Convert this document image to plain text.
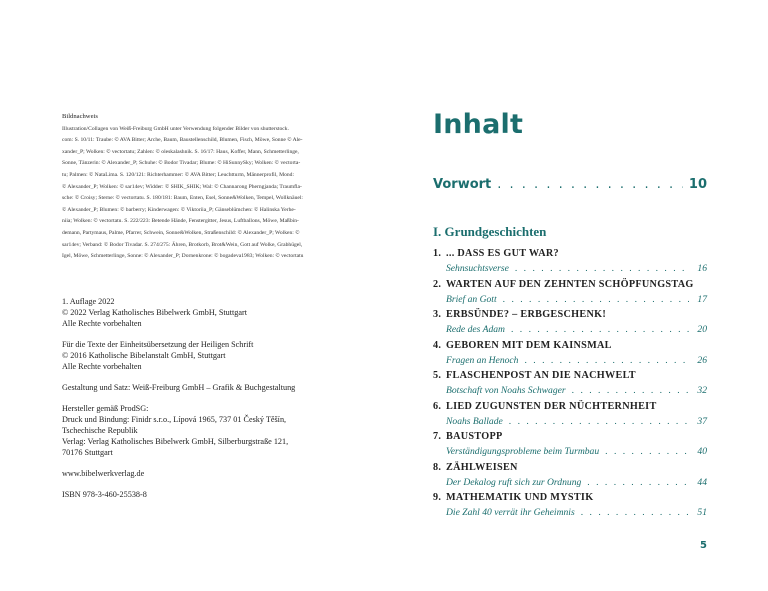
Bildnachweis
Illustration/Collagen von Weiß-Freiburg GmbH unter Verwendung folgender Bilder von shutterstock.
com: S. 10/11: Traube: © AVA Bitter; Arche, Baum, Baustellenschild, Blumen, Fisch, Möwe, Sonne © Ale-
xander_P; Wolken: © vectortatu; Zahlen: © oleskalashnik. S. 16/17: Haus, Koffer, Mann, Schmetterlinge,
Sonne, Tänzerin: © Alexander_P; Schuhe: © Bodor Tivadar; Blume: © HiSunnySky; Wolken: © vectorta-
tu; Palmen: © NataLima. S. 120/121: Richterhammer: © AVA Bitter; Leuchtturm, Männerprofil, Mond:
© Alexander_P; Wolken: © sar14ev; Widder: © SHIK_SHIK; Wal: © Channarong Pherngjanda; Traumfla-
sche: © Croisy; Sterne: © vectortatu. S. 180/181: Baum, Enten, Esel, Sonne&Wolken, Tempel, Wollknäuel:
© Alexander_P; Blumen: © barberry; Kinderwagen: © Viktoriia_P; Gänseblümchen: © Halinska Yerhe-
niia; Wolken: © vectortatu. S. 222/223: Betende Hände, Fenstergitter, Jesus, Luftballons, Möwe, Maßbin-
demann, Partymaus, Palme, Pfarrer, Schwein, Sonne&Wolken, Straßenschild: © Alexander_P; Wolken: ©
sar14ev; Verband: © Bodor Tivadar. S. 274/275: Ähren, Brotkorb, Brot&Wein, Gott auf Wolke, Grabhügel,
Igel, Möwe, Schmetterlinge, Sonne: © Alexander_P; Dornenkrone: © bogadeva1983; Wolken: © vectortatu
1. Auflage 2022
© 2022 Verlag Katholisches Bibelwerk GmbH, Stuttgart
Alle Rechte vorbehalten
Für die Texte der Einheitsübersetzung der Heiligen Schrift
© 2016 Katholische Bibelanstalt GmbH, Stuttgart
Alle Rechte vorbehalten
Gestaltung und Satz: Weiß-Freiburg GmbH – Grafik & Buchgestaltung
Hersteller gemäß ProdSG:
Druck und Bindung: Finidr s.r.o., Lípová 1965, 737 01 Český Těšín,
Tschechische Republik
Verlag: Verlag Katholisches Bibelwerk GmbH, Silberburgstraße 121,
70176 Stuttgart
www.bibelwerkverlag.de
ISBN 978-3-460-25538-8
Inhalt
Vorwort . . .	10
I. Grundgeschichten
1. ... DASS ES GUT WAR?
Sehnsuchtsverse . . .	16
2. WARTEN AUF DEN ZEHNTEN SCHÖPFUNGSTAG
Brief an Gott . . .	17
3. ERBSÜNDE? – ERBGESCHENK!
Rede des Adam . . .	20
4. GEBOREN MIT DEM KAINSMAL
Fragen an Henoch . . .	26
5. FLASCHENPOST AN DIE NACHWELT
Botschaft von Noahs Schwager . . .	32
6. LIED ZUGUNSTEN DER NÜCHTERNHEIT
Noahs Ballade . . .	37
7. BAUSTOPP
Verständigungsprobleme beim Turmbau . . .	40
8. ZÄHLWEISEN
Der Dekalog ruft sich zur Ordnung . . .	44
9. MATHEMATIK UND MYSTIK
Die Zahl 40 verrät ihr Geheimnis . . .	51
5
